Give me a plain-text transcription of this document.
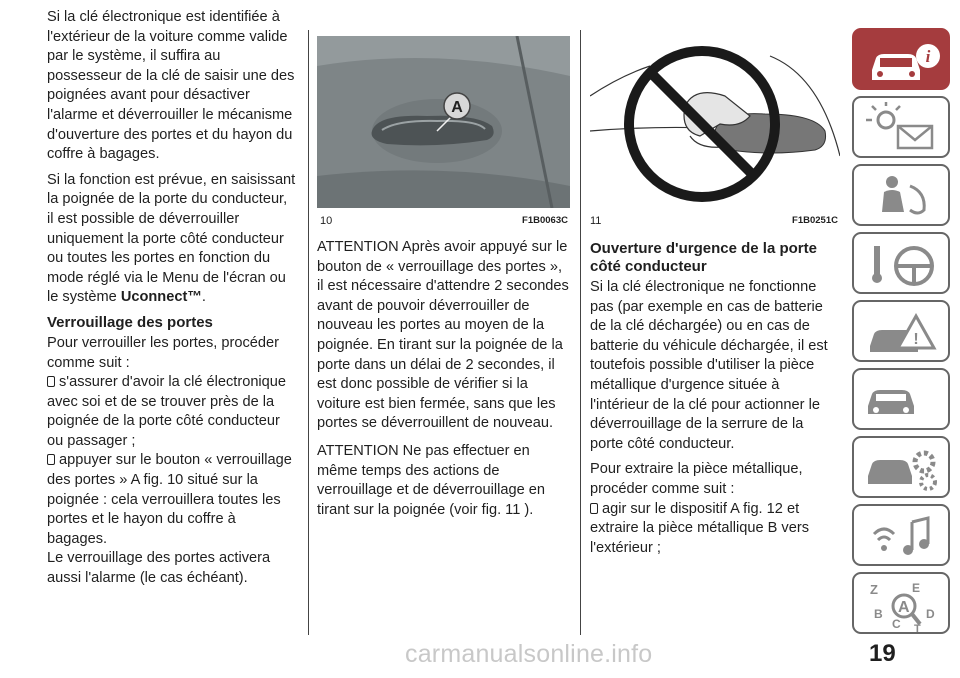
Si la clé électronique est identifiée à l'extérieur de la voiture comme valide par le système, il suffira au possesseur de la clé de saisir une des poignées avant pour désactiver l'alarme et déverrouiller le mécanisme d'ouverture des portes et du hayon du coffre à bagages.

Si la fonction est prévue, en saisissant la poignée de la porte du conducteur, il est possible de déverrouiller uniquement la porte côté conducteur ou toutes les portes en fonction du mode réglé via le Menu de l'écran ou le système Uconnect™.

Verrouillage des portes

Pour verrouiller les portes, procéder comme suit :

s'assurer d'avoir la clé électronique avec soi et de se trouver près de la poignée de la porte côté conducteur ou passager ;

appuyer sur le bouton « verrouillage des portes » A fig. 10 situé sur la poignée : cela verrouillera toutes les portes et le hayon du coffre à bagages.

Le verrouillage des portes activera aussi l'alarme (le cas échéant).

A
10	F1B0063C 11	F1B0251C

ATTENTION Après avoir appuyé sur le bouton de « verrouillage des portes », il est nécessaire d'attendre 2 secondes avant de pouvoir déverrouiller de nouveau les portes au moyen de la poignée. En tirant sur la poignée de la porte dans un délai de 2 secondes, il est donc possible de vérifier si la voiture est bien fermée, sans que les portes se déverrouillent de nouveau.

ATTENTION Ne pas effectuer en même temps des actions de verrouillage et de déverrouillage en tirant sur la poignée (voir fig. 11 ).

Ouverture d'urgence de la porte côté conducteur

Si la clé électronique ne fonctionne pas (par exemple en cas de batterie de la clé déchargée) ou en cas de batterie du véhicule déchargée, il est toutefois possible d'utiliser la pièce métallique d'urgence située à l'intérieur de la clé pour actionner le déverrouillage de la serrure de la porte côté conducteur.

Pour extraire la pièce métallique, procéder comme suit :

agir sur le dispositif A fig. 12 et extraire la pièce métallique B vers l'extérieur ;

i
!
Z	E
B A D
C T
19
carmanualsonline.info
